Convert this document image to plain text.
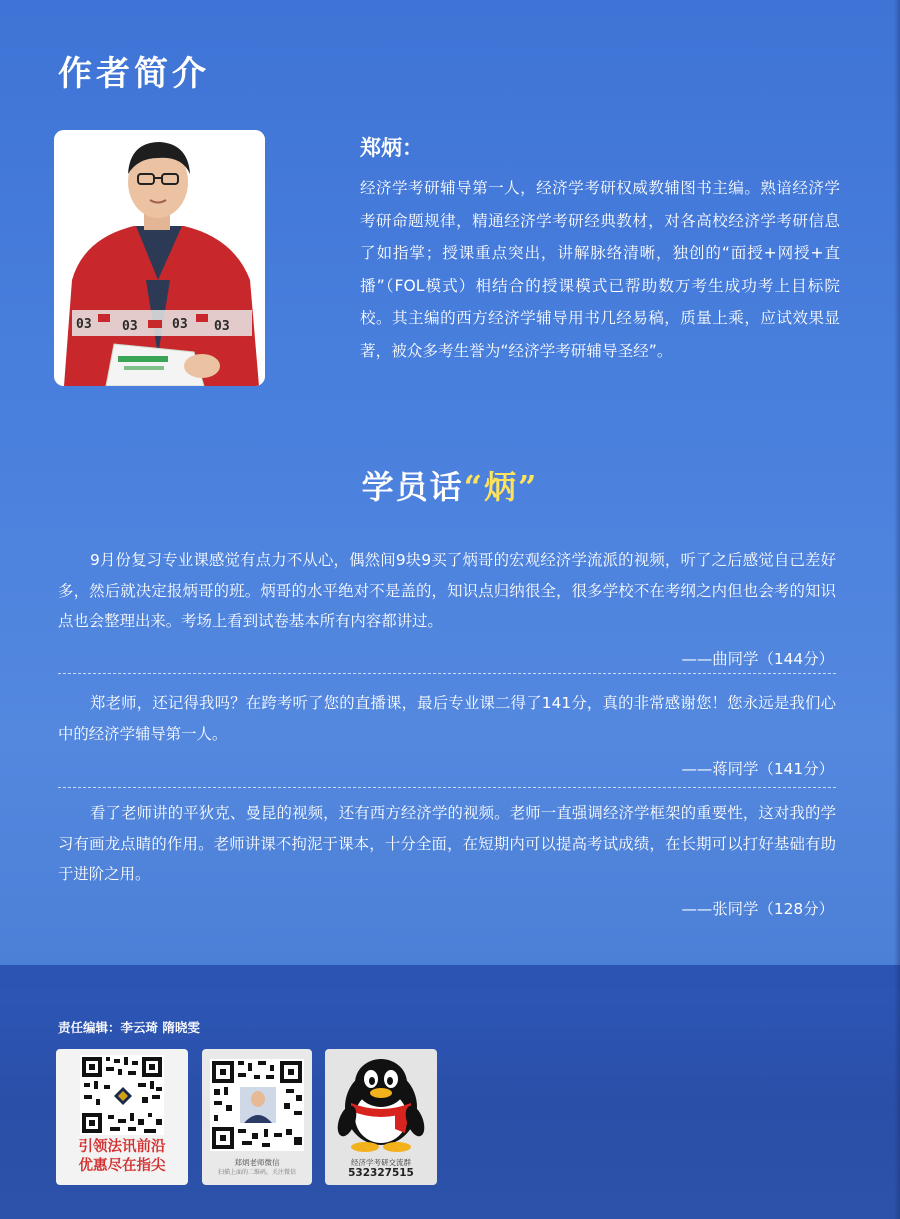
作者简介
03 03	03 03

郑炳：

经济学考研辅导第一人，经济学考研权威教辅图书主编。熟谙经济学考研命题规律，精通经济学考研经典教材，对各高校经济学考研信息了如指掌；授课重点突出，讲解脉络清晰，独创的“面授+网授+直播”（FOL模式）相结合的授课模式已帮助数万考生成功考上目标院校。其主编的西方经济学辅导用书几经易稿，质量上乘，应试效果显著，被众多考生誉为“经济学考研辅导圣经”。

学员话“炳”

9月份复习专业课感觉有点力不从心，偶然间9块9买了炳哥的宏观经济学流派的视频，听了之后感觉自己差好多，然后就决定报炳哥的班。炳哥的水平绝对不是盖的，知识点归纳很全，很多学校不在考纲之内但也会考的知识点也会整理出来。考场上看到试卷基本所有内容都讲过。

——曲同学（144分）

郑老师，还记得我吗？在跨考听了您的直播课，最后专业课二得了141分，真的非常感谢您！您永远是我们心中的经济学辅导第一人。

——蒋同学（141分）

看了老师讲的平狄克、曼昆的视频，还有西方经济学的视频。老师一直强调经济学框架的重要性，这对我的学习有画龙点睛的作用。老师讲课不拘泥于课本，十分全面，在短期内可以提高考试成绩，在长期可以打好基础有助于进阶之用。

——张同学（128分）

责任编辑：李云琦 隋晓雯

引领法讯前沿
优惠尽在指尖	郑炳老师微信

扫描上面的二维码，关注微信

经济学考研交流群

532327515
